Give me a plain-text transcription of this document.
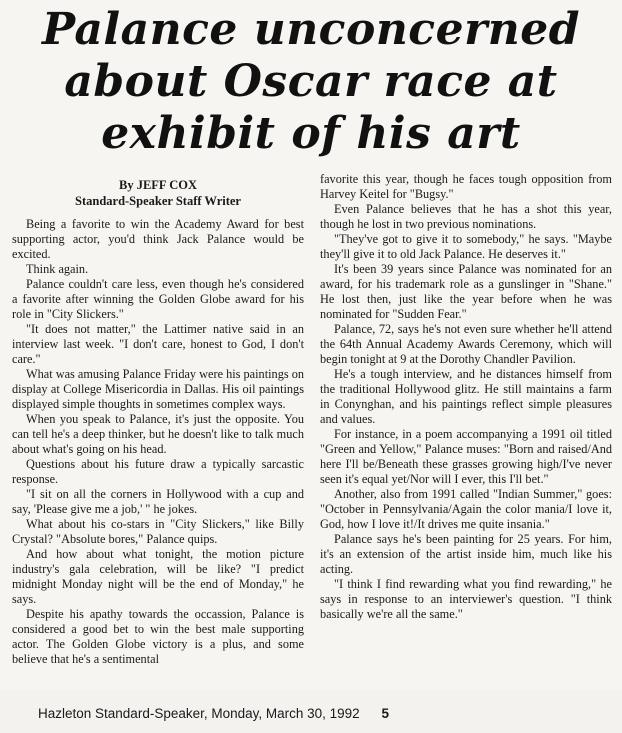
Palance unconcerned
about Oscar race at
exhibit of his art
By JEFF COX
Standard-Speaker Staff Writer

Being a favorite to win the Academy Award for best supporting actor, you'd think Jack Palance would be excited.

Think again.

Palance couldn't care less, even though he's considered a favorite after winning the Golden Globe award for his role in "City Slickers."

"It does not matter," the Lattimer native said in an interview last week. "I don't care, honest to God, I don't care."

What was amusing Palance Friday were his paintings on display at College Misericordia in Dallas. His oil paintings displayed simple thoughts in sometimes complex ways.

When you speak to Palance, it's just the opposite. You can tell he's a deep thinker, but he doesn't like to talk much about what's going on his head.

Questions about his future draw a typically sarcastic response.

"I sit on all the corners in Hollywood with a cup and say, 'Please give me a job,' " he jokes.

What about his co-stars in "City Slickers," like Billy Crystal? "Absolute bores," Palance quips.

And how about what tonight, the motion picture industry's gala celebration, will be like? "I predict midnight Monday night will be the end of Monday," he says.

Despite his apathy towards the occassion, Palance is considered a good bet to win the best male supporting actor. The Golden Globe victory is a plus, and some believe that he's a sentimental

favorite this year, though he faces tough opposition from Harvey Keitel for "Bugsy."

Even Palance believes that he has a shot this year, though he lost in two previous nominations.

"They've got to give it to somebody," he says. "Maybe they'll give it to old Jack Palance. He deserves it."

It's been 39 years since Palance was nominated for an award, for his trademark role as a gunslinger in "Shane." He lost then, just like the year before when he was nominated for "Sudden Fear."

Palance, 72, says he's not even sure whether he'll attend the 64th Annual Academy Awards Ceremony, which will begin tonight at 9 at the Dorothy Chandler Pavilion.

He's a tough interview, and he distances himself from the traditional Hollywood glitz. He still maintains a farm in Conynghan, and his paintings reflect simple pleasures and values.

For instance, in a poem accompanying a 1991 oil titled "Green and Yellow," Palance muses: "Born and raised/And here I'll be/Beneath these grasses growing high/I've never seen it's equal yet/Nor will I ever, this I'll bet."

Another, also from 1991 called "Indian Summer," goes: "October in Pennsylvania/Again the color mania/I love it, God, how I love it!/It drives me quite insania."

Palance says he's been painting for 25 years. For him, it's an extension of the artist inside him, much like his acting.

"I think I find rewarding what you find rewarding," he says in response to an interviewer's question. "I think basically we're all the same."

Hazleton Standard-Speaker, Monday, March 30, 1992 5
